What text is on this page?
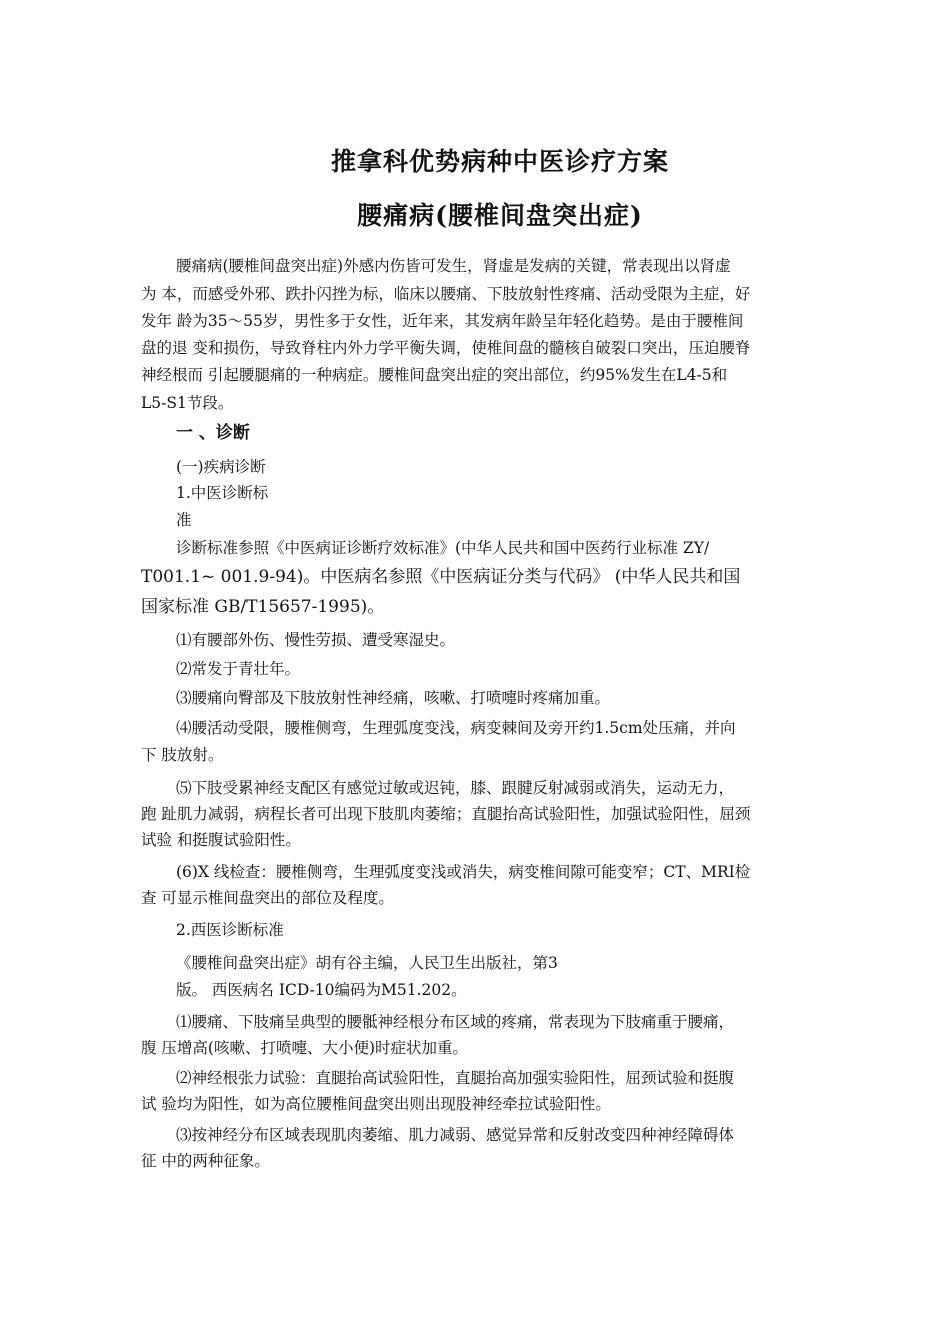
推拿科优势病种中医诊疗方案
腰痛病(腰椎间盘突出症)
腰痛病(腰椎间盘突出症)外感内伤皆可发生，肾虚是发病的关键，常表现出以肾虚
为 本，而感受外邪、跌扑闪挫为标，临床以腰痛、下肢放射性疼痛、活动受限为主症，好
发年 龄为35～55岁，男性多于女性，近年来，其发病年龄呈年轻化趋势。是由于腰椎间
盘的退 变和损伤，导致脊柱内外力学平衡失调，使椎间盘的髓核自破裂口突出，压迫腰脊
神经根而 引起腰腿痛的一种病症。腰椎间盘突出症的突出部位，约95%发生在L4-5和
L5-S1节段。
一 、诊断
(一)疾病诊断
1.中医诊断标
准
诊断标准参照《中医病证诊断疗效标准》(中华人民共和国中医药行业标准 ZY/
T001.1~ 001.9-94)。中医病名参照《中医病证分类与代码》 (中华人民共和国
国家标准 GB/T15657-1995)。
⑴有腰部外伤、慢性劳损、遭受寒湿史。
⑵常发于青壮年。
⑶腰痛向臀部及下肢放射性神经痛，咳嗽、打喷嚏时疼痛加重。
⑷腰活动受限，腰椎侧弯，生理弧度变浅，病变棘间及旁开约1.5cm处压痛，并向
下 肢放射。
⑸下肢受累神经支配区有感觉过敏或迟钝，膝、跟腱反射减弱或消失，运动无力，
跑 趾肌力减弱，病程长者可出现下肢肌肉萎缩；直腿抬高试验阳性，加强试验阳性，屈颈
试验 和挺腹试验阳性。
(6)X 线检查：腰椎侧弯，生理弧度变浅或消失，病变椎间隙可能变窄；CT、MRI检
查 可显示椎间盘突出的部位及程度。
2.西医诊断标准
《腰椎间盘突出症》胡有谷主编，人民卫生出版社，第3
版。 西医病名 ICD-10编码为M51.202。
⑴腰痛、下肢痛呈典型的腰骶神经根分布区域的疼痛，常表现为下肢痛重于腰痛，
腹 压增高(咳嗽、打喷嚏、大小便)时症状加重。
⑵神经根张力试验：直腿抬高试验阳性，直腿抬高加强实验阳性，屈颈试验和挺腹
试 验均为阳性，如为高位腰椎间盘突出则出现股神经牵拉试验阳性。
⑶按神经分布区域表现肌肉萎缩、肌力减弱、感觉异常和反射改变四种神经障碍体
征 中的两种征象。
